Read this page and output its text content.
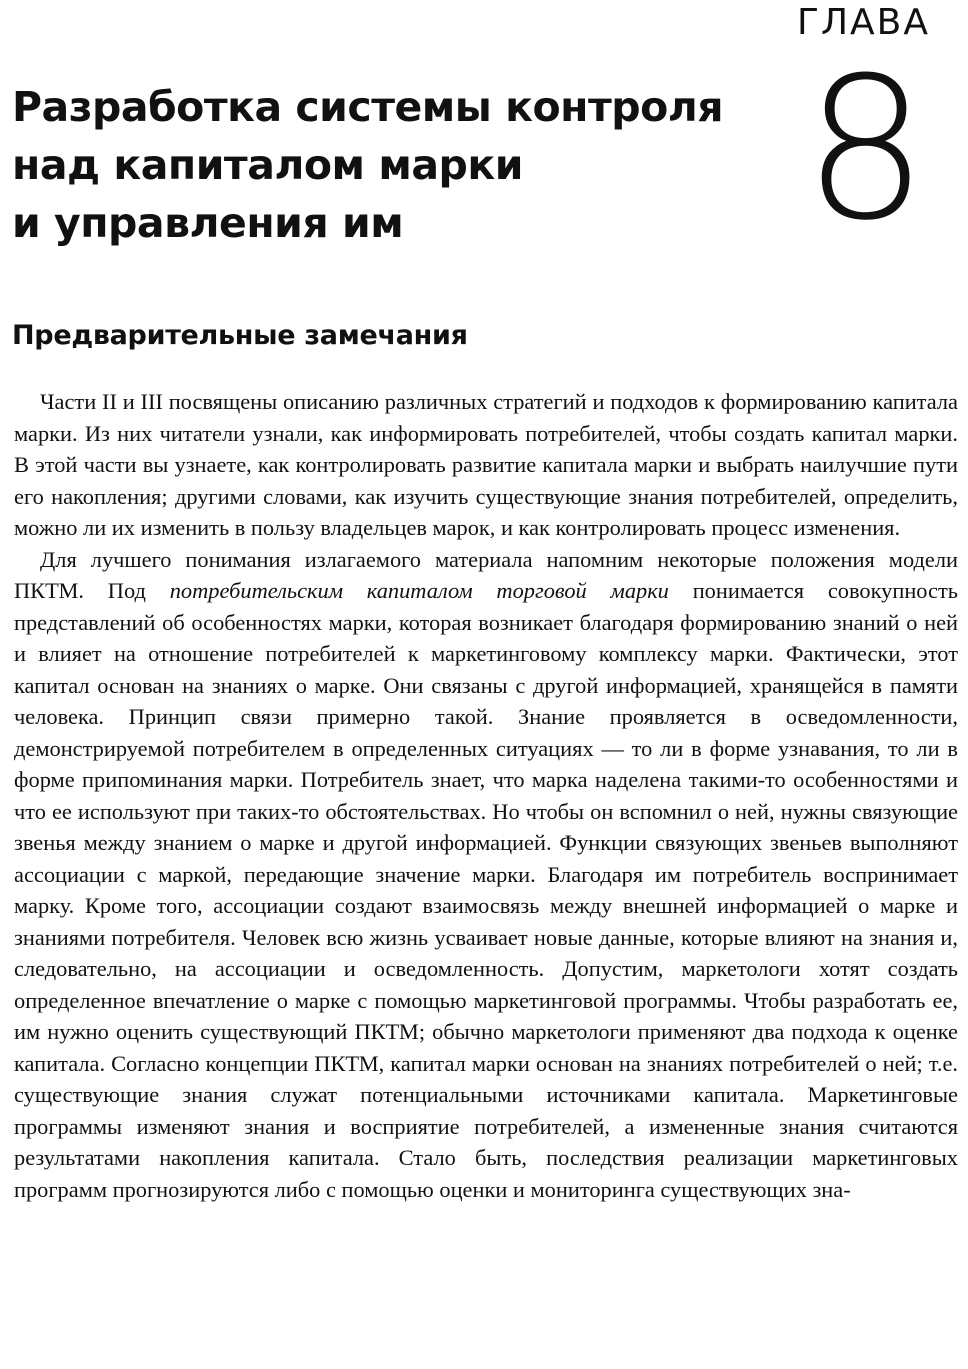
ГЛАВА
8
Разработка системы контроля
над капиталом марки
и управления им
Предварительные замечания

Части II и III посвящены описанию различных стратегий и подходов к формированию капитала марки. Из них читатели узнали, как информировать потребителей, чтобы создать капитал марки. В этой части вы узнаете, как контролировать развитие капитала марки и выбрать наилучшие пути его накопления; другими словами, как изучить существующие знания потребителей, определить, можно ли их изменить в пользу владельцев марок, и как контролировать процесс изменения.

Для лучшего понимания излагаемого материала напомним некоторые положения модели ПКТМ. Под потребительским капиталом торговой марки понимается совокупность представлений об особенностях марки, которая возникает благодаря формированию знаний о ней и влияет на отношение потребителей к маркетинговому комплексу марки. Фактически, этот капитал основан на знаниях о марке. Они связаны с другой информацией, хранящейся в памяти человека. Принцип связи примерно такой. Знание проявляется в осведомленности, демонстрируемой потребителем в определенных ситуациях — то ли в форме узнавания, то ли в форме припоминания марки. Потребитель знает, что марка наделена такими-то особенностями и что ее используют при таких-то обстоятельствах. Но чтобы он вспомнил о ней, нужны связующие звенья между знанием о марке и другой информацией. Функции связующих звеньев выполняют ассоциации с маркой, передающие значение марки. Благодаря им потребитель воспринимает марку. Кроме того, ассоциации создают взаимосвязь между внешней информацией о марке и знаниями потребителя. Человек всю жизнь усваивает новые данные, которые влияют на знания и, следовательно, на ассоциации и осведомленность. Допустим, маркетологи хотят создать определенное впечатление о марке с помощью маркетинговой программы. Чтобы разработать ее, им нужно оценить существующий ПКТМ; обычно маркетологи применяют два подхода к оценке капитала. Согласно концепции ПКТМ, капитал марки основан на знаниях потребителей о ней; т.е. существующие знания служат потенциальными источниками капитала. Маркетинговые программы изменяют знания и восприятие потребителей, а измененные знания считаются результатами накопления капитала. Стало быть, последствия реализации маркетинговых программ прогнозируются либо с помощью оценки и мониторинга существующих зна-
